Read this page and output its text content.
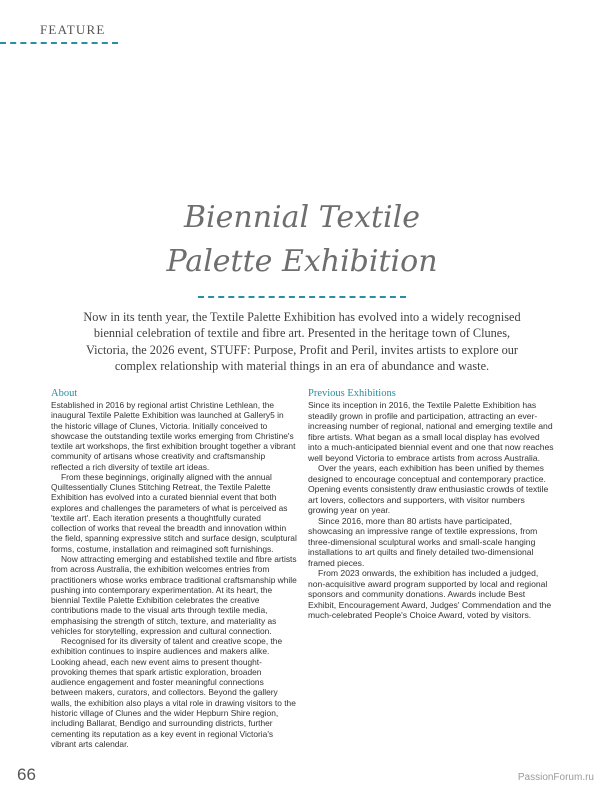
FEATURE
Biennial Textile
Palette Exhibition

Now in its tenth year, the Textile Palette Exhibition has evolved into a widely recognised biennial celebration of textile and fibre art. Presented in the heritage town of Clunes, Victoria, the 2026 event, STUFF: Purpose, Profit and Peril, invites artists to explore our complex relationship with material things in an era of abundance and waste.

About

Established in 2016 by regional artist Christine Lethlean, the inaugural Textile Palette Exhibition was launched at Gallery5 in the historic village of Clunes, Victoria. Initially conceived to showcase the outstanding textile works emerging from Christine's textile art workshops, the first exhibition brought together a vibrant community of artisans whose creativity and craftsmanship reflected a rich diversity of textile art ideas.

From these beginnings, originally aligned with the annual Quiltessentially Clunes Stitching Retreat, the Textile Palette Exhibition has evolved into a curated biennial event that both explores and challenges the parameters of what is perceived as 'textile art'. Each iteration presents a thoughtfully curated collection of works that reveal the breadth and innovation within the field, spanning expressive stitch and surface design, sculptural forms, costume, installation and reimagined soft furnishings.

Now attracting emerging and established textile and fibre artists from across Australia, the exhibition welcomes entries from practitioners whose works embrace traditional craftsmanship while pushing into contemporary experimentation. At its heart, the biennial Textile Palette Exhibition celebrates the creative contributions made to the visual arts through textile media, emphasising the strength of stitch, texture, and materiality as vehicles for storytelling, expression and cultural connection.

Recognised for its diversity of talent and creative scope, the exhibition continues to inspire audiences and makers alike. Looking ahead, each new event aims to present thought-provoking themes that spark artistic exploration, broaden audience engagement and foster meaningful connections between makers, curators, and collectors. Beyond the gallery walls, the exhibition also plays a vital role in drawing visitors to the historic village of Clunes and the wider Hepburn Shire region, including Ballarat, Bendigo and surrounding districts, further cementing its reputation as a key event in regional Victoria's vibrant arts calendar.

Previous Exhibitions

Since its inception in 2016, the Textile Palette Exhibition has steadily grown in profile and participation, attracting an ever-increasing number of regional, national and emerging textile and fibre artists. What began as a small local display has evolved into a much-anticipated biennial event and one that now reaches well beyond Victoria to embrace artists from across Australia.

Over the years, each exhibition has been unified by themes designed to encourage conceptual and contemporary practice. Opening events consistently draw enthusiastic crowds of textile art lovers, collectors and supporters, with visitor numbers growing year on year.

Since 2016, more than 80 artists have participated, showcasing an impressive range of textile expressions, from three-dimensional sculptural works and small-scale hanging installations to art quilts and finely detailed two-dimensional framed pieces.

From 2023 onwards, the exhibition has included a judged, non-acquisitive award program supported by local and regional sponsors and community donations. Awards include Best Exhibit, Encouragement Award, Judges' Commendation and the much-celebrated People's Choice Award, voted by visitors.

66	PassionForum.ru
